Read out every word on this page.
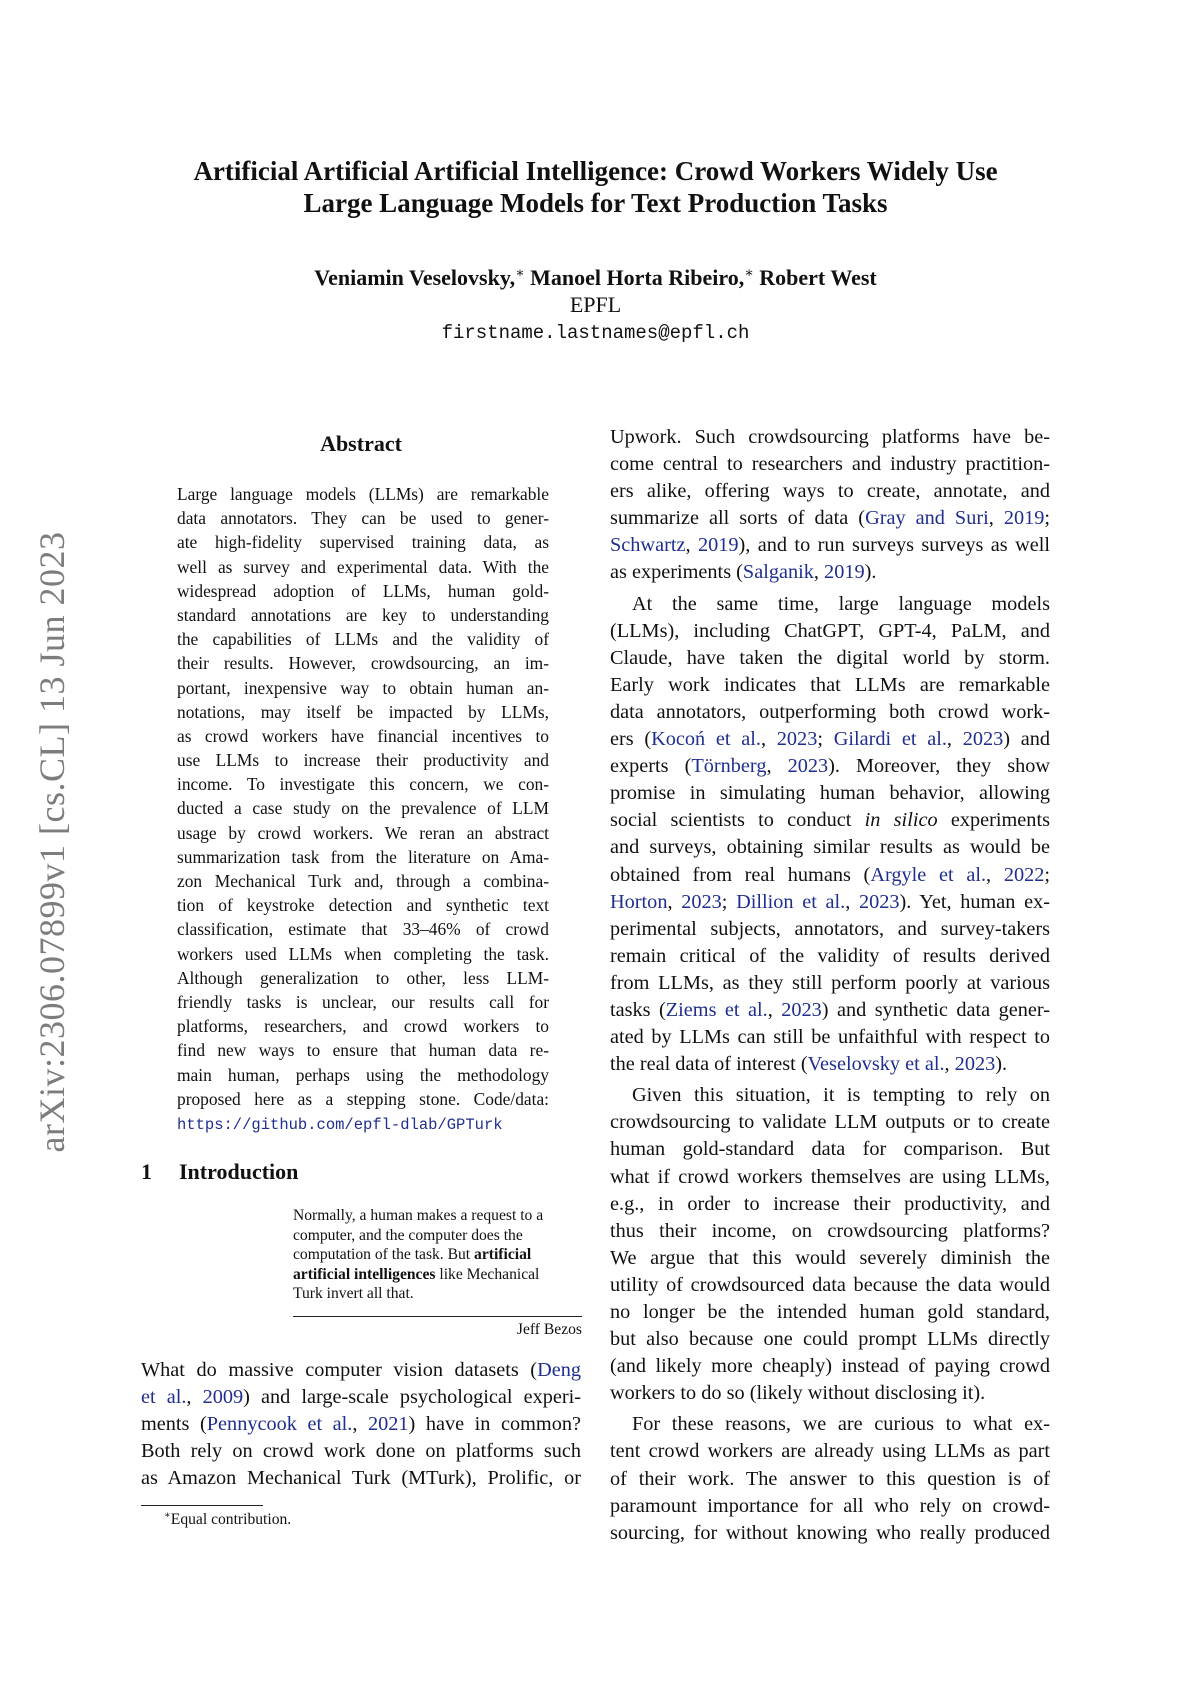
arXiv:2306.07899v1 [cs.CL] 13 Jun 2023
Artificial Artificial Artificial Intelligence: Crowd Workers Widely Use
Large Language Models for Text Production Tasks
Veniamin Veselovsky,∗ Manoel Horta Ribeiro,∗ Robert West
EPFL
firstname.lastnames@epfl.ch
Abstract
Large language models (LLMs) are remarkable
data annotators. They can be used to gener-
ate high-fidelity supervised training data, as
well as survey and experimental data. With the
widespread adoption of LLMs, human gold-
standard annotations are key to understanding
the capabilities of LLMs and the validity of
their results. However, crowdsourcing, an im-
portant, inexpensive way to obtain human an-
notations, may itself be impacted by LLMs,
as crowd workers have financial incentives to
use LLMs to increase their productivity and
income. To investigate this concern, we con-
ducted a case study on the prevalence of LLM
usage by crowd workers. We reran an abstract
summarization task from the literature on Ama-
zon Mechanical Turk and, through a combina-
tion of keystroke detection and synthetic text
classification, estimate that 33–46% of crowd
workers used LLMs when completing the task.
Although generalization to other, less LLM-
friendly tasks is unclear, our results call for
platforms, researchers, and crowd workers to
find new ways to ensure that human data re-
main human, perhaps using the methodology
proposed here as a stepping stone. Code/data:
https://github.com/epfl-dlab/GPTurk
1 Introduction
Normally, a human makes a request to a
computer, and the computer does the
computation of the task. But artificial
artificial intelligences like Mechanical
Turk invert all that.
Jeff Bezos
What do massive computer vision datasets (Deng
et al., 2009) and large-scale psychological experi-
ments (Pennycook et al., 2021) have in common?
Both rely on crowd work done on platforms such
as Amazon Mechanical Turk (MTurk), Prolific, or
∗Equal contribution.
Upwork. Such crowdsourcing platforms have be-
come central to researchers and industry practition-
ers alike, offering ways to create, annotate, and
summarize all sorts of data (Gray and Suri, 2019;
Schwartz, 2019), and to run surveys surveys as well
as experiments (Salganik, 2019).
At the same time, large language models
(LLMs), including ChatGPT, GPT-4, PaLM, and
Claude, have taken the digital world by storm.
Early work indicates that LLMs are remarkable
data annotators, outperforming both crowd work-
ers (Kocoń et al., 2023; Gilardi et al., 2023) and
experts (Törnberg, 2023). Moreover, they show
promise in simulating human behavior, allowing
social scientists to conduct in silico experiments
and surveys, obtaining similar results as would be
obtained from real humans (Argyle et al., 2022;
Horton, 2023; Dillion et al., 2023). Yet, human ex-
perimental subjects, annotators, and survey-takers
remain critical of the validity of results derived
from LLMs, as they still perform poorly at various
tasks (Ziems et al., 2023) and synthetic data gener-
ated by LLMs can still be unfaithful with respect to
the real data of interest (Veselovsky et al., 2023).
Given this situation, it is tempting to rely on
crowdsourcing to validate LLM outputs or to create
human gold-standard data for comparison. But
what if crowd workers themselves are using LLMs,
e.g., in order to increase their productivity, and
thus their income, on crowdsourcing platforms?
We argue that this would severely diminish the
utility of crowdsourced data because the data would
no longer be the intended human gold standard,
but also because one could prompt LLMs directly
(and likely more cheaply) instead of paying crowd
workers to do so (likely without disclosing it).
For these reasons, we are curious to what ex-
tent crowd workers are already using LLMs as part
of their work. The answer to this question is of
paramount importance for all who rely on crowd-
sourcing, for without knowing who really produced
